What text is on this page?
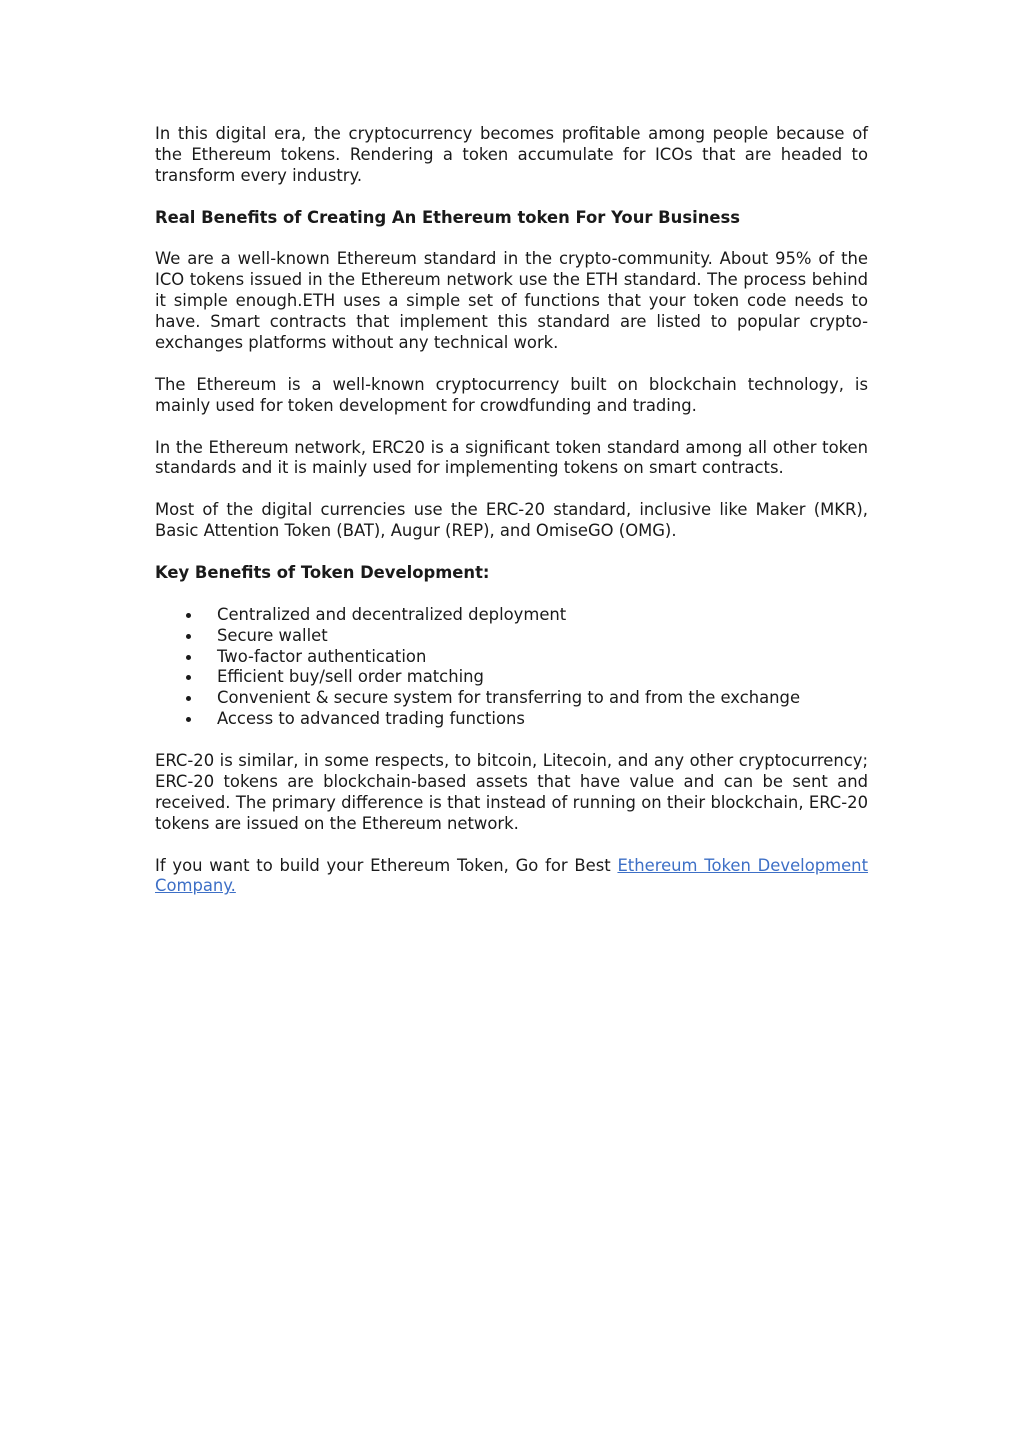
In this digital era, the cryptocurrency becomes profitable among people because of the Ethereum tokens. Rendering a token accumulate for ICOs that are headed to transform every industry.

Real Benefits of Creating An Ethereum token For Your Business

We are a well-known Ethereum standard in the crypto-community. About 95% of the ICO tokens issued in the Ethereum network use the ETH standard. The process behind it simple enough.ETH uses a simple set of functions that your token code needs to have. Smart contracts that implement this standard are listed to popular crypto-exchanges platforms without any technical work.

The Ethereum is a well-known cryptocurrency built on blockchain technology, is mainly used for token development for crowdfunding and trading.

In the Ethereum network, ERC20 is a significant token standard among all other token standards and it is mainly used for implementing tokens on smart contracts.

Most of the digital currencies use the ERC-20 standard, inclusive like Maker (MKR), Basic Attention Token (BAT), Augur (REP), and OmiseGO (OMG).

Key Benefits of Token Development:
Centralized and decentralized deployment
Secure wallet
Two-factor authentication
Efficient buy/sell order matching
Convenient & secure system for transferring to and from the exchange
Access to advanced trading functions

ERC-20 is similar, in some respects, to bitcoin, Litecoin, and any other cryptocurrency; ERC-20 tokens are blockchain-based assets that have value and can be sent and received. The primary difference is that instead of running on their blockchain, ERC-20 tokens are issued on the Ethereum network.

If you want to build your Ethereum Token, Go for Best Ethereum Token Development Company.
